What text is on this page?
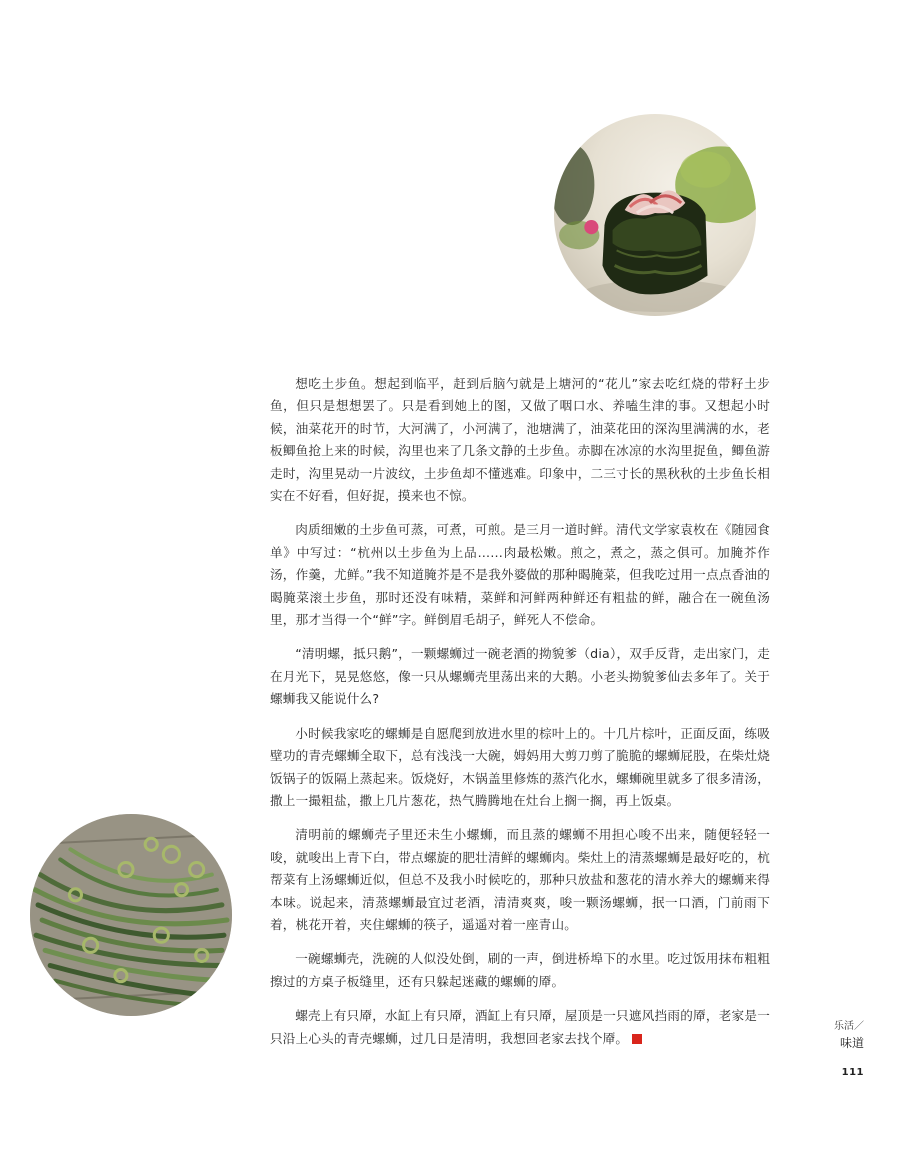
想吃土步鱼。想起到临平，赶到后脑勺就是上塘河的“花儿”家去吃红烧的带籽土步鱼，但只是想想罢了。只是看到她上的图，又做了咽口水、养嗑生津的事。又想起小时候，油菜花开的时节，大河满了，小河满了，池塘满了，油菜花田的深沟里满满的水，老板鲫鱼抢上来的时候，沟里也来了几条文静的土步鱼。赤脚在冰凉的水沟里捉鱼，鲫鱼游走时，沟里晃动一片波纹，土步鱼却不懂逃难。印象中，二三寸长的黑秋秋的土步鱼长相实在不好看，但好捉，摸来也不惊。

肉质细嫩的土步鱼可蒸，可煮，可煎。是三月一道时鲜。清代文学家袁枚在《随园食单》中写过：“杭州以土步鱼为上品……肉最松嫩。煎之，煮之，蒸之俱可。加腌芥作汤，作羹，尤鲜。”我不知道腌芥是不是我外婆做的那种暍腌菜，但我吃过用一点点香油的暍腌菜滚土步鱼，那时还没有味精，菜鲜和河鲜两种鲜还有粗盐的鲜，融合在一碗鱼汤里，那才当得一个“鲜”字。鲜倒眉毛胡子，鲜死人不偿命。

“清明螺，抵只鹅”，一颗螺蛳过一碗老酒的拗貌爹（dia），双手反背，走出家门，走在月光下，晃晃悠悠，像一只从螺蛳壳里荡出来的大鹅。小老头拗貌爹仙去多年了。关于螺蛳我又能说什么?

小时候我家吃的螺蛳是自愿爬到放进水里的棕叶上的。十几片棕叶，正面反面，练吸壁功的青壳螺蛳全取下，总有浅浅一大碗，姆妈用大剪刀剪了脆脆的螺蛳屁股，在柴灶烧饭锅子的饭隔上蒸起来。饭烧好，木锅盖里修炼的蒸汽化水，螺蛳碗里就多了很多清汤，撒上一撮粗盐，撒上几片葱花，热气腾腾地在灶台上搁一搁，再上饭桌。

清明前的螺蛳壳子里还未生小螺蛳，而且蒸的螺蛳不用担心唆不出来，随便轻轻一唆，就唆出上青下白，带点螺旋的肥壮清鲜的螺蛳肉。柴灶上的清蒸螺蛳是最好吃的，杭帮菜有上汤螺蛳近似，但总不及我小时候吃的，那种只放盐和葱花的清水养大的螺蛳来得本味。说起来，清蒸螺蛳最宜过老酒，清清爽爽，唆一颗汤螺蛳，抿一口酒，门前雨下着，桃花开着，夹住螺蛳的筷子，遥遥对着一座青山。

一碗螺蛳壳，洗碗的人似没处倒，刷的一声，倒进桥埠下的水里。吃过饭用抹布粗粗擦过的方桌子板缝里，还有只躲起迷藏的螺蛳的厣。

螺壳上有只厣，水缸上有只厣，酒缸上有只厣，屋顶是一只遮风挡雨的厣，老家是一只沿上心头的青壳螺蛳，过几日是清明，我想回老家去找个厣。

乐活／
味道
111
